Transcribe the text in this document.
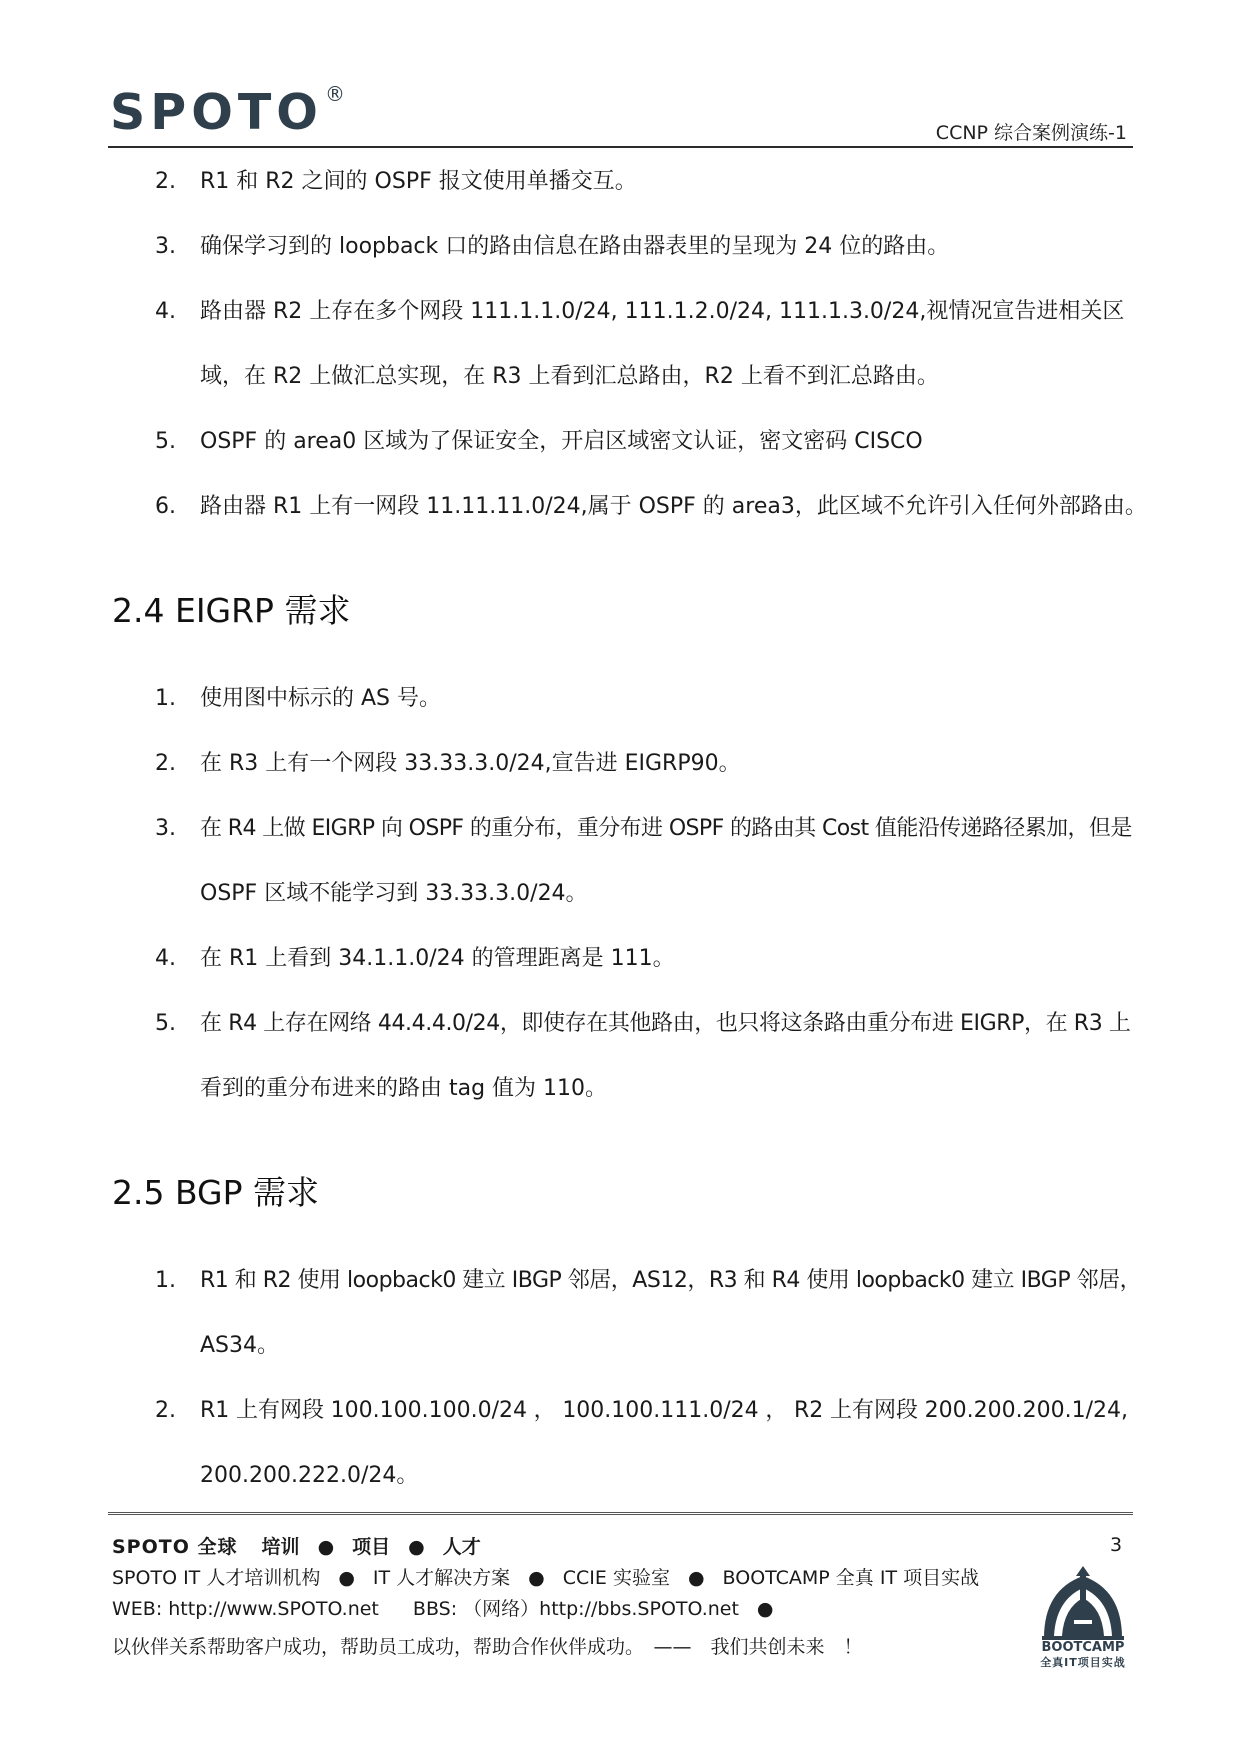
SPOTO ®
CCNP 综合案例演练-1
2. R1 和 R2 之间的 OSPF 报文使用单播交互。
3. 确保学习到的 loopback 口的路由信息在路由器表里的呈现为 24 位的路由。
4. 路由器 R2 上存在多个网段 111.1.1.0/24, 111.1.2.0/24, 111.1.3.0/24,视情况宣告进相关区
域，在 R2 上做汇总实现，在 R3 上看到汇总路由，R2 上看不到汇总路由。
5. OSPF 的 area0 区域为了保证安全，开启区域密文认证，密文密码 CISCO
6. 路由器 R1 上有一网段 11.11.11.0/24,属于 OSPF 的 area3，此区域不允许引入任何外部路由。
2.4 EIGRP 需求
1. 使用图中标示的 AS 号。
2. 在 R3 上有一个网段 33.33.3.0/24,宣告进 EIGRP90。
3. 在 R4 上做 EIGRP 向 OSPF 的重分布，重分布进 OSPF 的路由其 Cost 值能沿传递路径累加，但是
OSPF 区域不能学习到 33.33.3.0/24。
4. 在 R1 上看到 34.1.1.0/24 的管理距离是 111。
5. 在 R4 上存在网络 44.4.4.0/24，即使存在其他路由，也只将这条路由重分布进 EIGRP，在 R3 上
看到的重分布进来的路由 tag 值为 110。
2.5 BGP 需求
1. R1 和 R2 使用 loopback0 建立 IBGP 邻居，AS12，R3 和 R4 使用 loopback0 建立 IBGP 邻居，
AS34。
2. R1 上有网段 100.100.100.0/24 ， 100.100.111.0/24 ， R2 上有网段 200.200.200.1/24,
200.200.222.0/24。
SPOTO 全球 培训 ● 项目 ● 人才	3
SPOTO IT 人才培训机构 ● IT 人才解决方案 ● CCIE 实验室 ● BOOTCAMP 全真 IT 项目实战
WEB: http://www.SPOTO.net BBS: （网络）http://bbs.SPOTO.net ●
以伙伴关系帮助客户成功，帮助员工成功，帮助合作伙伴成功。　——　我们共创未来　！	BOOTCAMP
全真IT项目实战
